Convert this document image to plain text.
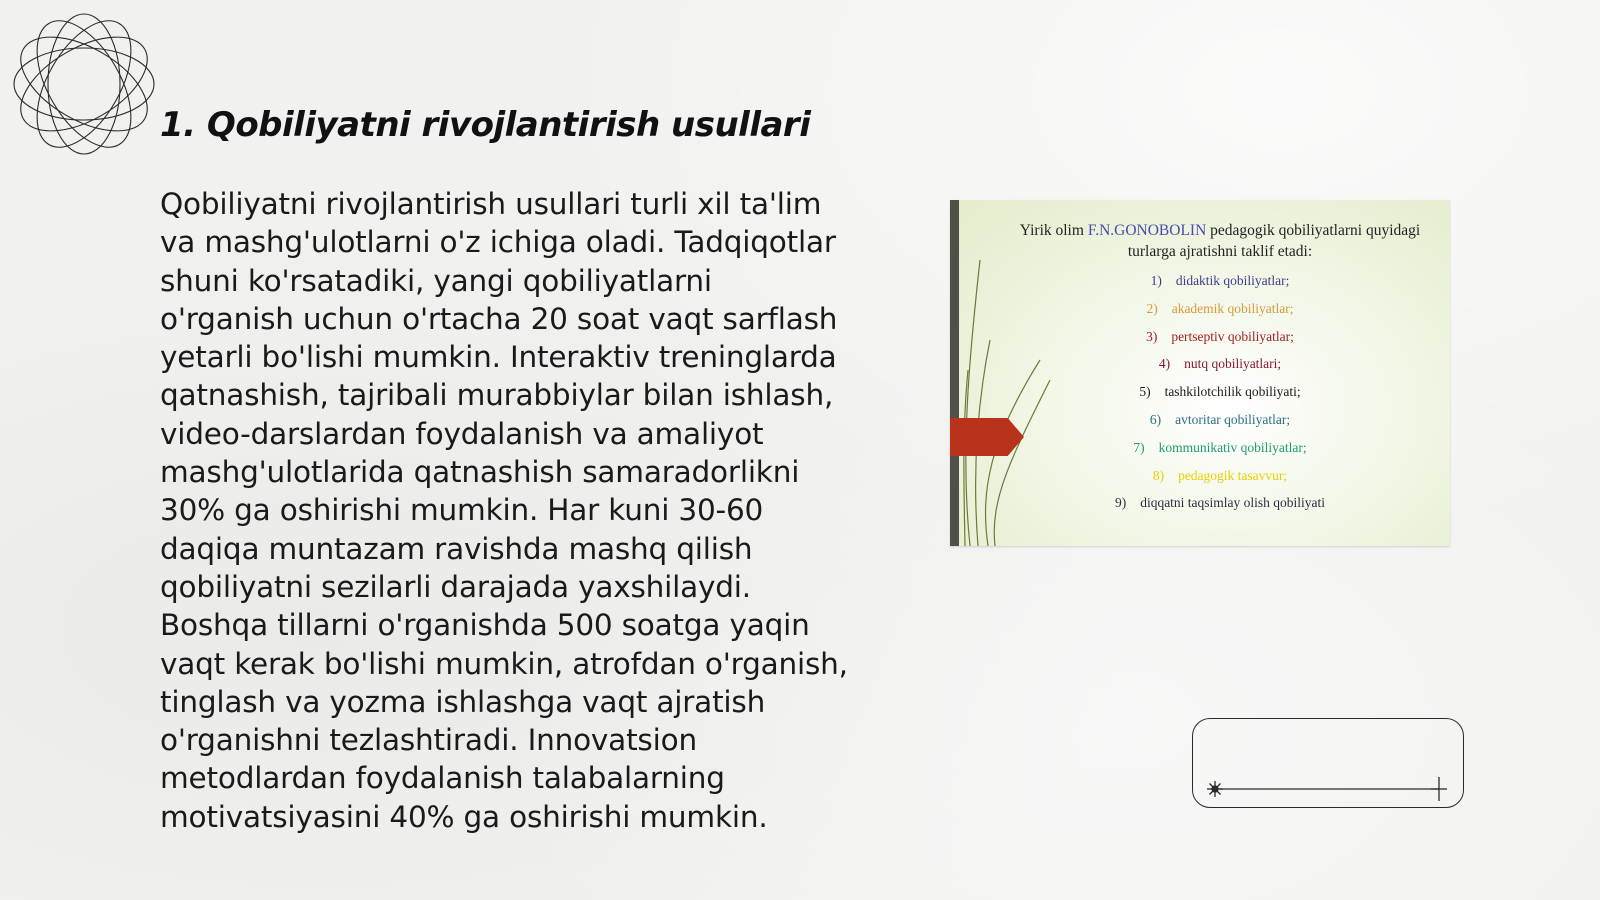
1. Qobiliyatni rivojlantirish usullari

Qobiliyatni rivojlantirish usullari turli xil ta'lim va mashg'ulotlarni o'z ichiga oladi. Tadqiqotlar shuni ko'rsatadiki, yangi qobiliyatlarni o'rganish uchun o'rtacha 20 soat vaqt sarflash yetarli bo'lishi mumkin. Interaktiv treninglarda qatnashish, tajribali murabbiylar bilan ishlash, video-darslardan foydalanish va amaliyot mashg'ulotlarida qatnashish samaradorlikni 30% ga oshirishi mumkin. Har kuni 30-60 daqiqa muntazam ravishda mashq qilish qobiliyatni sezilarli darajada yaxshilaydi. Boshqa tillarni o'rganishda 500 soatga yaqin vaqt kerak bo'lishi mumkin, atrofdan o'rganish, tinglash va yozma ishlashga vaqt ajratish o'rganishni tezlashtiradi. Innovatsion metodlardan foydalanish talabalarning motivatsiyasini 40% ga oshirishi mumkin.

Yirik olim F.N.GONOBOLIN pedagogik qobiliyatlarni quyidagi turlarga ajratishni taklif etadi:

1) didaktik qobiliyatlar;
2) akademik qobiliyatlar;
3) pertseptiv qobiliyatlar;
4) nutq qobiliyatlari;
5) tashkilotchilik qobiliyati;
6) avtoritar qobiliyatlar;
7) kommunikativ qobiliyatlar;
8) pedagogik tasavvur;
9) diqqatni taqsimlay olish qobiliyati
